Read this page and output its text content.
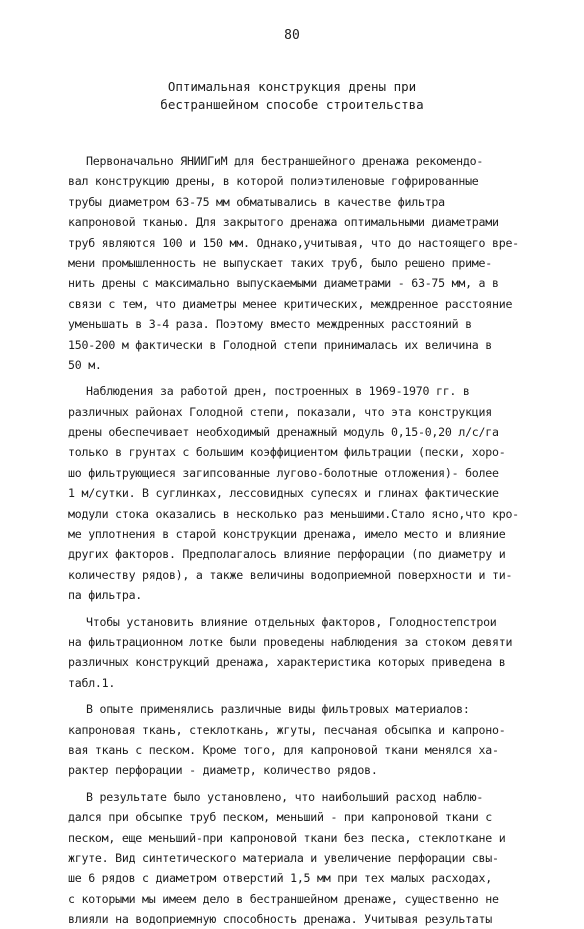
80
Оптимальная конструкция дрены при
бестраншейном способе строительства
Первоначально ЯНИИГиМ для бестраншейного дренажа рекомендо-
вал конструкцию дрены, в которой полиэтиленовые гофрированные
трубы диаметром 63-75 мм обматывались в качестве фильтра
капроновой тканью. Для закрытого дренажа оптимальными диаметрами
труб являются 100 и 150 мм. Однако,учитывая, что до настоящего вре-
мени промышленность не выпускает таких труб, было решено приме-
нить дрены с максимально выпускаемыми диаметрами - 63-75 мм, а в
связи с тем, что диаметры менее критических, междренное расстояние
уменьшать в 3-4 раза. Поэтому вместо междренных расстояний в
150-200 м фактически в Голодной степи принималась их величина в
50 м.
Наблюдения за работой дрен, построенных в 1969-1970 гг. в
различных районах Голодной степи, показали, что эта конструкция
дрены обеспечивает необходимый дренажный модуль 0,15-0,20 л/с/га
только в грунтах с большим коэффициентом фильтрации (пески, хоро-
шо фильтрующиеся загипсованные лугово-болотные отложения)- более
1 м/сутки. В суглинках, лессовидных супесях и глинах фактические
модули стока оказались в несколько раз меньшими.Стало ясно,что кро-
ме уплотнения в старой конструкции дренажа, имело место и влияние
других факторов. Предполагалось влияние перфорации (по диаметру и
количеству рядов), а также величины водоприемной поверхности и ти-
па фильтра.
Чтобы установить влияние отдельных факторов, Голодностепстрои
на фильтрационном лотке были проведены наблюдения за стоком девяти
различных конструкций дренажа, характеристика которых приведена в
табл.1.
В опыте применялись различные виды фильтровых материалов:
капроновая ткань, стеклоткань, жгуты, песчаная обсыпка и капроно-
вая ткань с песком. Кроме того, для капроновой ткани менялся ха-
рактер перфорации - диаметр, количество рядов.
В результате было установлено, что наибольший расход наблю-
дался при обсыпке труб песком, меньший - при капроновой ткани с
песком, еще меньший-при капроновой ткани без песка, стеклоткане и
жгуте. Вид синтетического материала и увеличение перфорации свы-
ше 6 рядов с диаметром отверстий 1,5 мм при тех малых расходах,
с которыми мы имеем дело в бестраншейном дренаже, существенно не
влияли на водоприемную способность дренажа. Учитывая результаты
